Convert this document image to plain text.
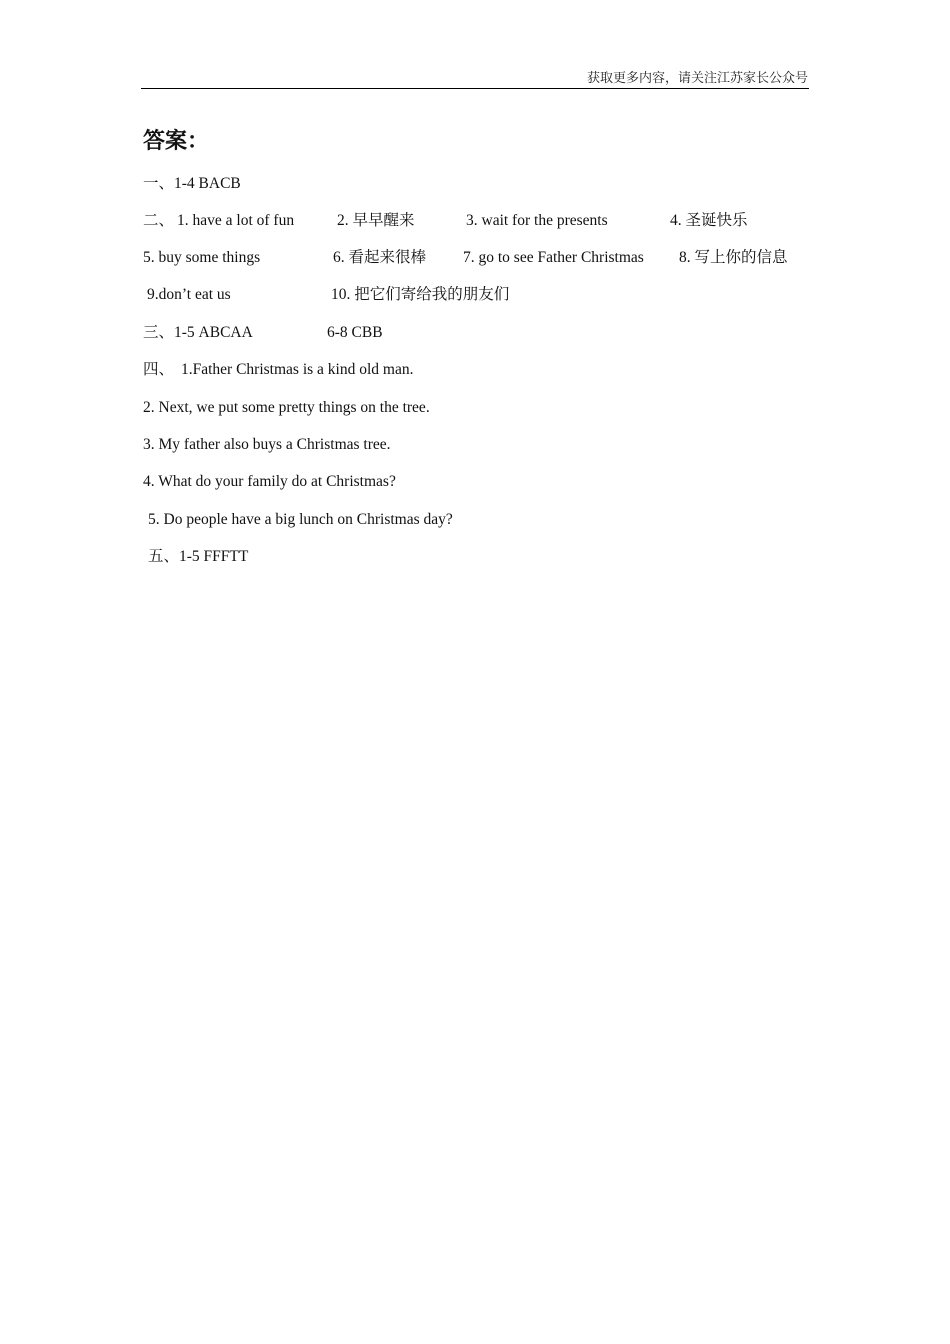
获取更多内容，请关注江苏家长公众号
答案：
一、1-4 BACB
二、 1. have a lot of fun	2. 早早醒来	3. wait for the presents	4. 圣诞快乐
5. buy some things	6. 看起来很棒 7. go to see Father Christmas 8. 写上你的信息
9.don’t eat us	10. 把它们寄给我的朋友们
三、1-5 ABCAA	6-8 CBB
四、 1.Father Christmas is a kind old man.
2. Next, we put some pretty things on the tree.
3. My father also buys a Christmas tree.
4. What do your family do at Christmas?
5. Do people have a big lunch on Christmas day?
五、1-5 FFFTT
